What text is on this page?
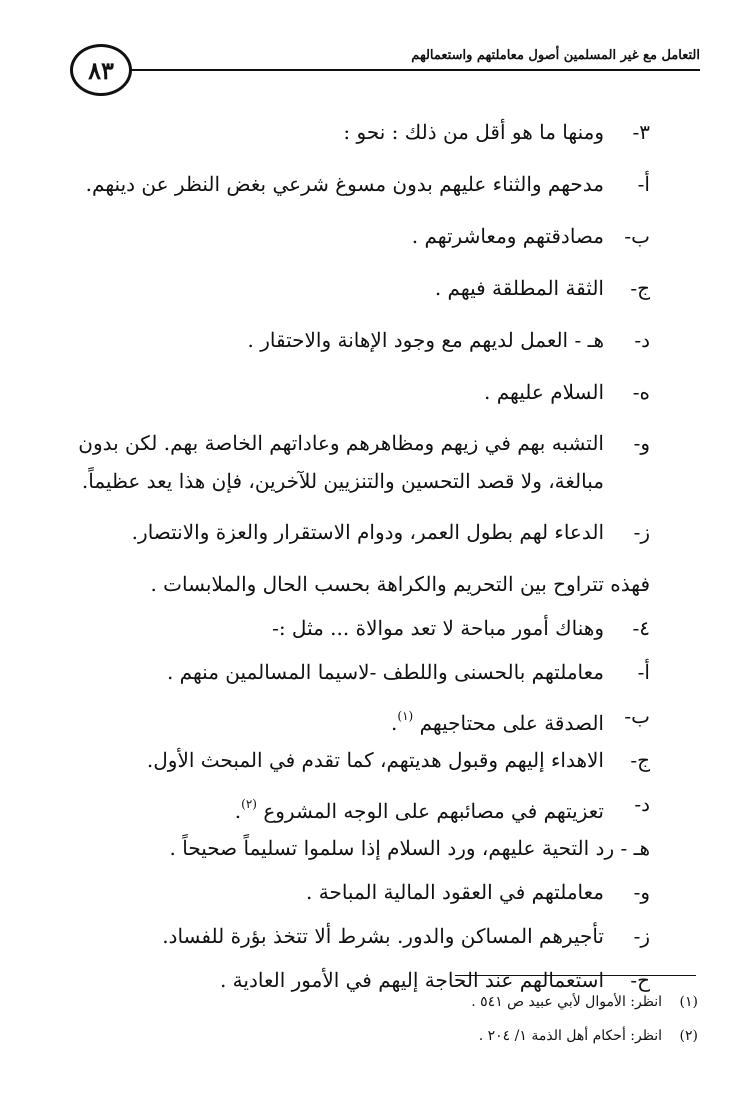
٨٣	التعامل مع غير المسلمين أصول معاملتهم واستعمالهم
٣-
ومنها ما هو أقل من ذلك : نحو :
أ-
مدحهم والثناء عليهم بدون مسوغ شرعي بغض النظر عن دينهم.
ب-
مصادقتهم ومعاشرتهم .
ج-
الثقة المطلقة فيهم .
د-
هـ - العمل لديهم مع وجود الإهانة والاحتقار .
ه-
السلام عليهم .
و-
التشبه بهم في زيهم ومظاهرهم وعاداتهم الخاصة بهم. لكن بدون مبالغة، ولا قصد التحسين والتنزيين للآخرين، فإن هذا يعد عظيماً.
ز-
الدعاء لهم بطول العمر، ودوام الاستقرار والعزة والانتصار.
فهذه تتراوح بين التحريم والكراهة بحسب الحال والملابسات .
٤-
وهناك أمور مباحة لا تعد موالاة ... مثل :-
أ-
معاملتهم بالحسنى واللطف -لاسيما المسالمين منهم .
ب-
الصدقة على محتاجيهم $^{(١)}$.
ج-
الاهداء إليهم وقبول هديتهم، كما تقدم في المبحث الأول.
د-
تعزيتهم في مصائبهم على الوجه المشروع $^{(٢)}$.
هـ - رد التحية عليهم، ورد السلام إذا سلموا تسليماً صحيحاً .
و-
معاملتهم في العقود المالية المباحة .
ز-
تأجيرهم المساكن والدور. بشرط ألا تتخذ بؤرة للفساد.
ح-
استعمالهم عند الحاجة إليهم في الأمور العادية .
(١)
انظر: الأموال لأبي عبيد ص ٥٤١ .
(٢)
انظر: أحكام أهل الذمة ١/ ٢٠٤ .
